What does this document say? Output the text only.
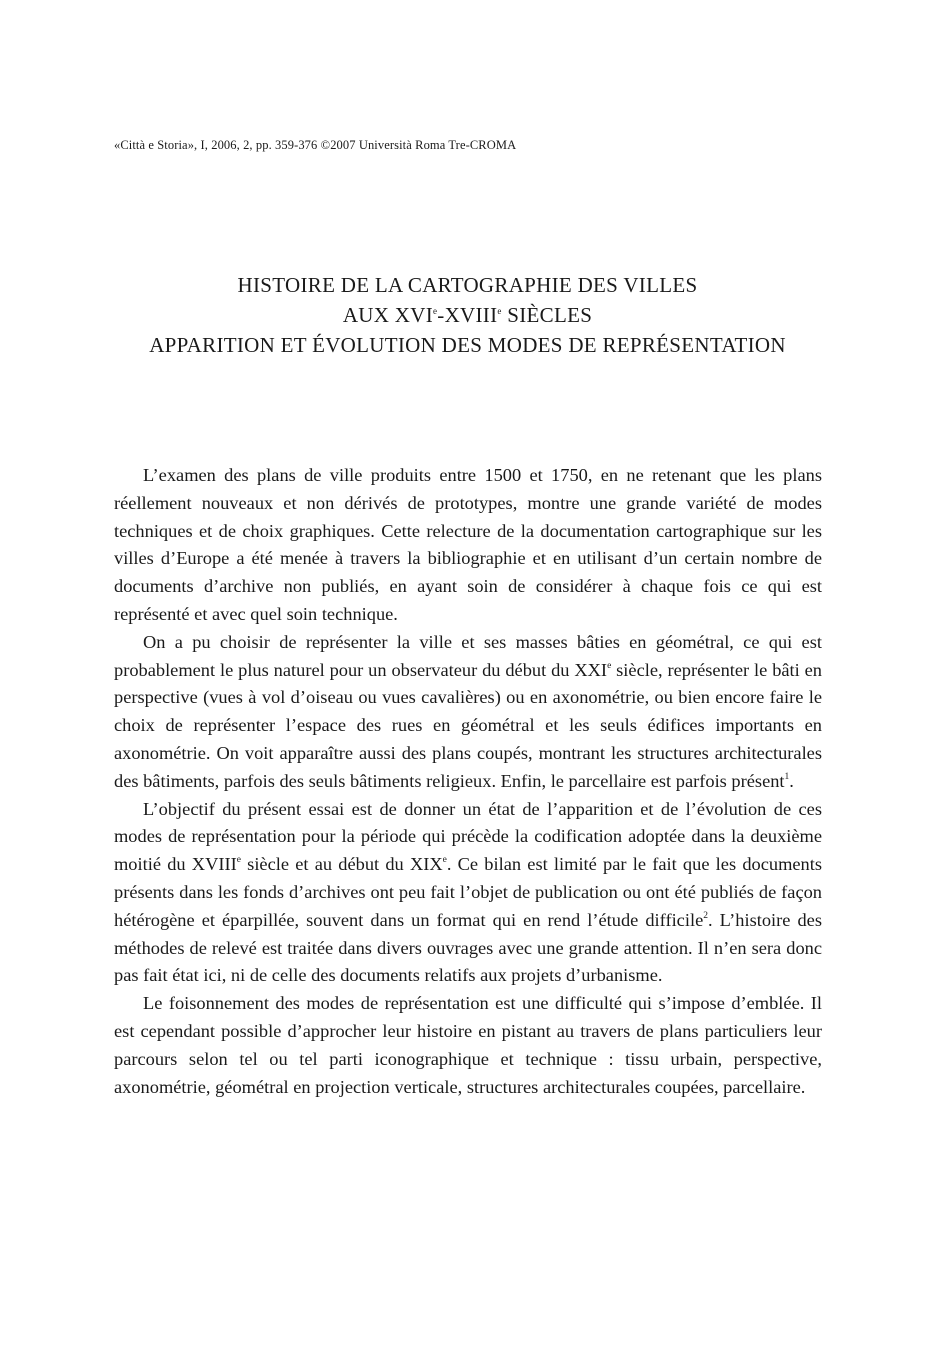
«Città e Storia», I, 2006, 2, pp. 359-376 ©2007 Università Roma Tre-CROMA
HISTOIRE DE LA CARTOGRAPHIE DES VILLES
AUX XVIe-XVIIIe SIÈCLES
APPARITION ET ÉVOLUTION DES MODES DE REPRÉSENTATION

L’examen des plans de ville produits entre 1500 et 1750, en ne retenant que les plans réellement nouveaux et non dérivés de prototypes, montre une grande variété de modes techniques et de choix graphiques. Cette relecture de la documentation cartographique sur les villes d’Europe a été menée à travers la bibliographie et en utilisant d’un certain nombre de documents d’archive non publiés, en ayant soin de considérer à chaque fois ce qui est représenté et avec quel soin technique.

On a pu choisir de représenter la ville et ses masses bâties en géométral, ce qui est probablement le plus naturel pour un observateur du début du XXIe siècle, représenter le bâti en perspective (vues à vol d’oiseau ou vues cavalières) ou en axonométrie, ou bien encore faire le choix de représenter l’espace des rues en géométral et les seuls édifices importants en axonométrie. On voit apparaître aussi des plans coupés, montrant les structures architecturales des bâtiments, parfois des seuls bâtiments religieux. Enfin, le parcellaire est parfois présent$^1$.

L’objectif du présent essai est de donner un état de l’apparition et de l’évolution de ces modes de représentation pour la période qui précède la codification adoptée dans la deuxième moitié du XVIIIe siècle et au début du XIXe. Ce bilan est limité par le fait que les documents présents dans les fonds d’archives ont peu fait l’objet de publication ou ont été publiés de façon hétérogène et éparpillée, souvent dans un format qui en rend l’étude difficile$^2$. L’histoire des méthodes de relevé est traitée dans divers ouvrages avec une grande attention. Il n’en sera donc pas fait état ici, ni de celle des documents relatifs aux projets d’urbanisme.

Le foisonnement des modes de représentation est une difficulté qui s’impose d’emblée. Il est cependant possible d’approcher leur histoire en pistant au travers de plans particuliers leur parcours selon tel ou tel parti iconographique et technique : tissu urbain, perspective, axonométrie, géométral en projection verticale, structures architecturales coupées, parcellaire.
